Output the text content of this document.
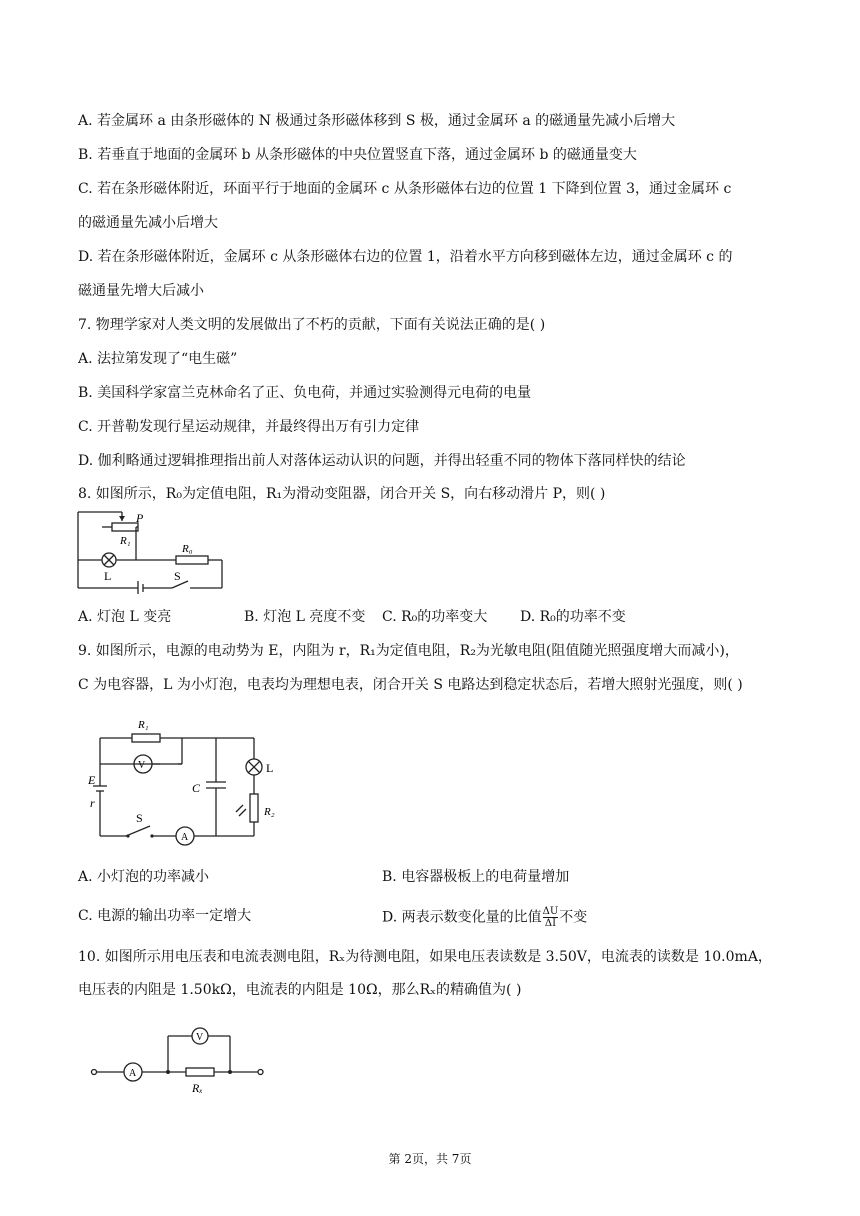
A. 若金属环 a 由条形磁体的 N 极通过条形磁体移到 S 极，通过金属环 a 的磁通量先减小后增大
B. 若垂直于地面的金属环 b 从条形磁体的中央位置竖直下落，通过金属环 b 的磁通量变大
C. 若在条形磁体附近，环面平行于地面的金属环 c 从条形磁体右边的位置 1 下降到位置 3，通过金属环 c
的磁通量先减小后增大
D. 若在条形磁体附近，金属环 c 从条形磁体右边的位置 1，沿着水平方向移到磁体左边，通过金属环 c 的
磁通量先增大后减小
7. 物理学家对人类文明的发展做出了不朽的贡献，下面有关说法正确的是( )
A. 法拉第发现了“电生磁”
B. 美国科学家富兰克林命名了正、负电荷，并通过实验测得元电荷的电量
C. 开普勒发现行星运动规律，并最终得出万有引力定律
D. 伽利略通过逻辑推理指出前人对落体运动认识的问题，并得出轻重不同的物体下落同样快的结论
8. 如图所示，R₀为定值电阻，R₁为滑动变阻器，闭合开关 S，向右移动滑片 P，则( )
P
R₁
R₀
L	S
A. 灯泡 L 变亮	B. 灯泡 L 亮度不变 C. R₀的功率变大 D. R₀的功率不变
9. 如图所示，电源的电动势为 E，内阻为 r，R₁为定值电阻，R₂为光敏电阻(阻值随光照强度增大而减小)，
C 为电容器，L 为小灯泡，电表均为理想电表，闭合开关 S 电路达到稳定状态后，若增大照射光强度，则( )
R₁
V
E
r
S
A
C
L
R₂
A. 小灯泡的功率减小	B. 电容器极板上的电荷量增加
C. 电源的输出功率一定增大	D. 两表示数变化量的比值 $\frac{\Delta U}{\Delta I}$ 不变
10. 如图所示用电压表和电流表测电阻，Rₓ为待测电阻，如果电压表读数是 3.50V，电流表的读数是 10.0mA，
电压表的内阻是 1.50kΩ，电流表的内阻是 10Ω，那么Rₓ的精确值为( )
A
V
Rₓ
第 2页，共 7页
